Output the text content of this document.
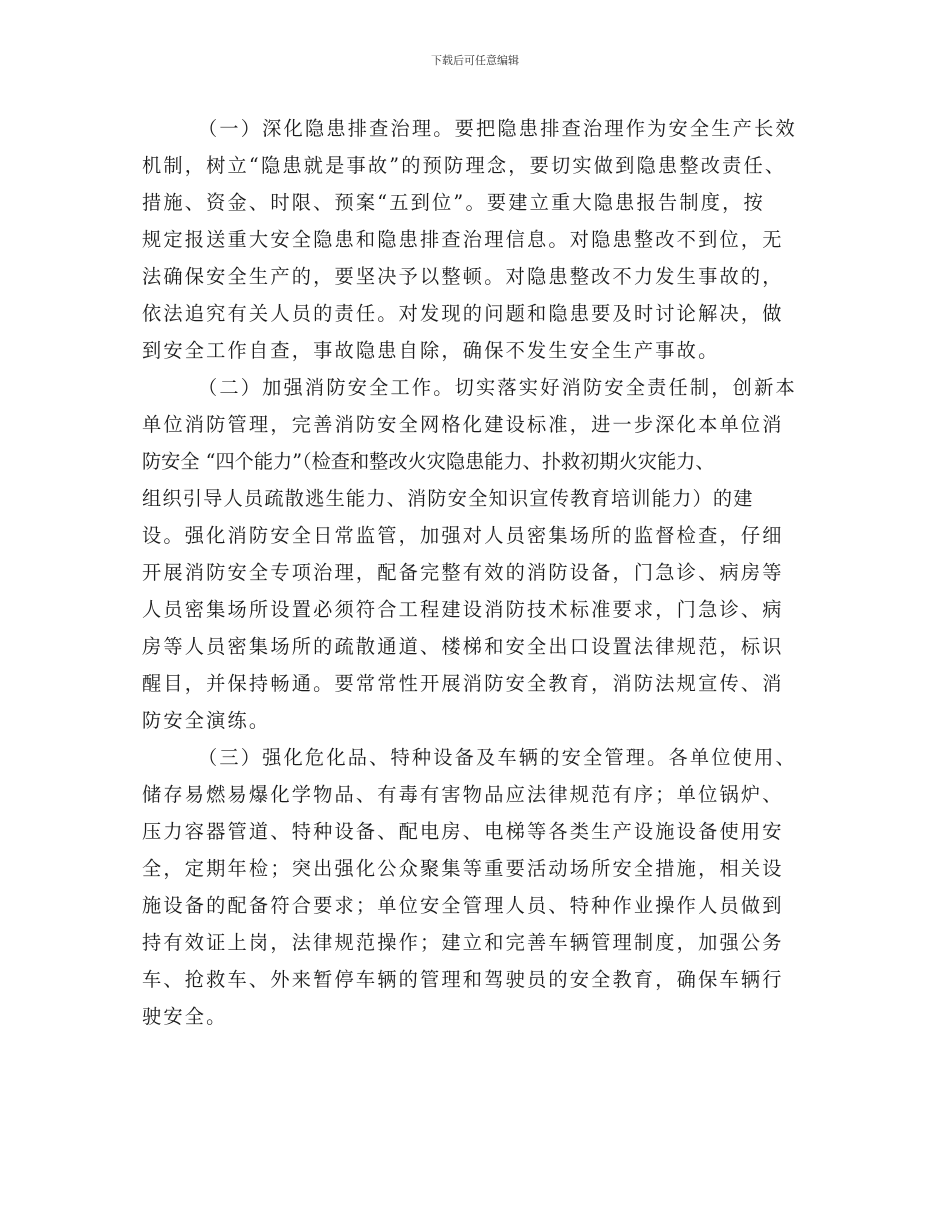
下载后可任意编辑
（一）深化隐患排查治理。要把隐患排查治理作为安全生产长效
机制，树立“隐患就是事故”的预防理念，要切实做到隐患整改责任、
措施、资金、时限、预案“五到位”。要建立重大隐患报告制度，按
规定报送重大安全隐患和隐患排查治理信息。对隐患整改不到位，无
法确保安全生产的，要坚决予以整顿。对隐患整改不力发生事故的，
依法追究有关人员的责任。对发现的问题和隐患要及时讨论解决，做
到安全工作自查，事故隐患自除，确保不发生安全生产事故。
（二）加强消防安全工作。切实落实好消防安全责任制，创新本
单位消防管理，完善消防安全网格化建设标准，进一步深化本单位消
防安全 “四个能力”（检查和整改火灾隐患能力、扑救初期火灾能力、
组织引导人员疏散逃生能力、消防安全知识宣传教育培训能力）的建
设。强化消防安全日常监管，加强对人员密集场所的监督检查，仔细
开展消防安全专项治理，配备完整有效的消防设备，门急诊、病房等
人员密集场所设置必须符合工程建设消防技术标准要求，门急诊、病
房等人员密集场所的疏散通道、楼梯和安全出口设置法律规范，标识
醒目，并保持畅通。要常常性开展消防安全教育，消防法规宣传、消
防安全演练。
（三）强化危化品、特种设备及车辆的安全管理。各单位使用、
储存易燃易爆化学物品、有毒有害物品应法律规范有序；单位锅炉、
压力容器管道、特种设备、配电房、电梯等各类生产设施设备使用安
全，定期年检；突出强化公众聚集等重要活动场所安全措施，相关设
施设备的配备符合要求；单位安全管理人员、特种作业操作人员做到
持有效证上岗，法律规范操作；建立和完善车辆管理制度，加强公务
车、抢救车、外来暂停车辆的管理和驾驶员的安全教育，确保车辆行
驶安全。
